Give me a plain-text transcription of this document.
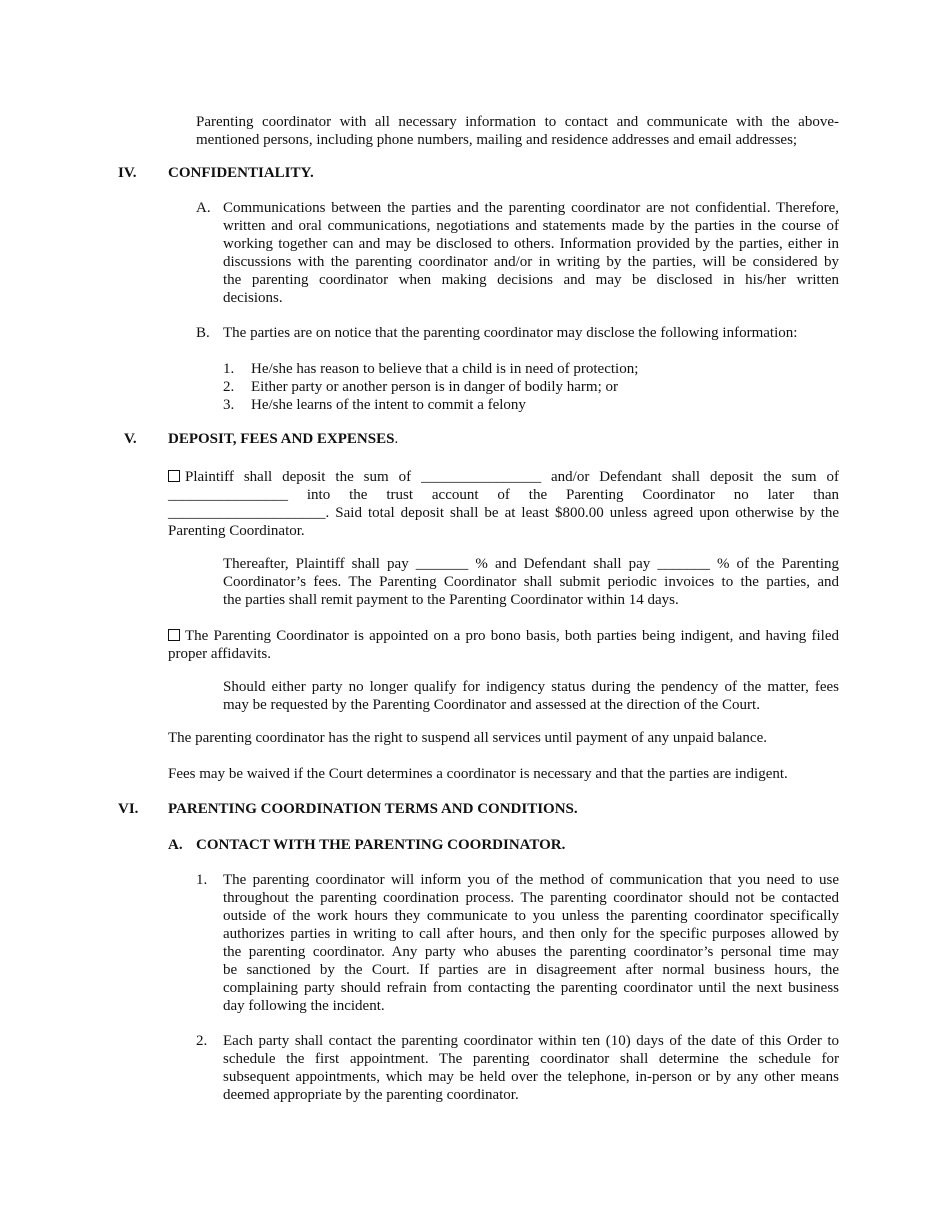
Parenting coordinator with all necessary information to contact and communicate with the above-
mentioned persons, including phone numbers, mailing and residence addresses and email addresses;
IV. CONFIDENTIALITY.
A. Communications between the parties and the parenting coordinator are not confidential. Therefore,
written and oral communications, negotiations and statements made by the parties in the course of
working together can and may be disclosed to others. Information provided by the parties, either in
discussions with the parenting coordinator and/or in writing by the parties, will be considered by
the parenting coordinator when making decisions and may be disclosed in his/her written
decisions.
B. The parties are on notice that the parenting coordinator may disclose the following information:
1. He/she has reason to believe that a child is in need of protection;
2. Either party or another person is in danger of bodily harm; or
3. He/she learns of the intent to commit a felony
V. DEPOSIT, FEES AND EXPENSES.
Plaintiff shall deposit the sum of ________________ and/or Defendant shall deposit the sum of
________________ into the trust account of the Parenting Coordinator no later than
_____________________. Said total deposit shall be at least $800.00 unless agreed upon otherwise by the
Parenting Coordinator.
Thereafter, Plaintiff shall pay _______ % and Defendant shall pay _______ % of the Parenting
Coordinator’s fees. The Parenting Coordinator shall submit periodic invoices to the parties, and
the parties shall remit payment to the Parenting Coordinator within 14 days.
The Parenting Coordinator is appointed on a pro bono basis, both parties being indigent, and having filed
proper affidavits.
Should either party no longer qualify for indigency status during the pendency of the matter, fees
may be requested by the Parenting Coordinator and assessed at the direction of the Court.
The parenting coordinator has the right to suspend all services until payment of any unpaid balance.
Fees may be waived if the Court determines a coordinator is necessary and that the parties are indigent.
VI. PARENTING COORDINATION TERMS AND CONDITIONS.
A. CONTACT WITH THE PARENTING COORDINATOR.
1. The parenting coordinator will inform you of the method of communication that you need to use
throughout the parenting coordination process. The parenting coordinator should not be contacted
outside of the work hours they communicate to you unless the parenting coordinator specifically
authorizes parties in writing to call after hours, and then only for the specific purposes allowed by
the parenting coordinator. Any party who abuses the parenting coordinator’s personal time may
be sanctioned by the Court. If parties are in disagreement after normal business hours, the
complaining party should refrain from contacting the parenting coordinator until the next business
day following the incident.
2. Each party shall contact the parenting coordinator within ten (10) days of the date of this Order to
schedule the first appointment. The parenting coordinator shall determine the schedule for
subsequent appointments, which may be held over the telephone, in-person or by any other means
deemed appropriate by the parenting coordinator.
